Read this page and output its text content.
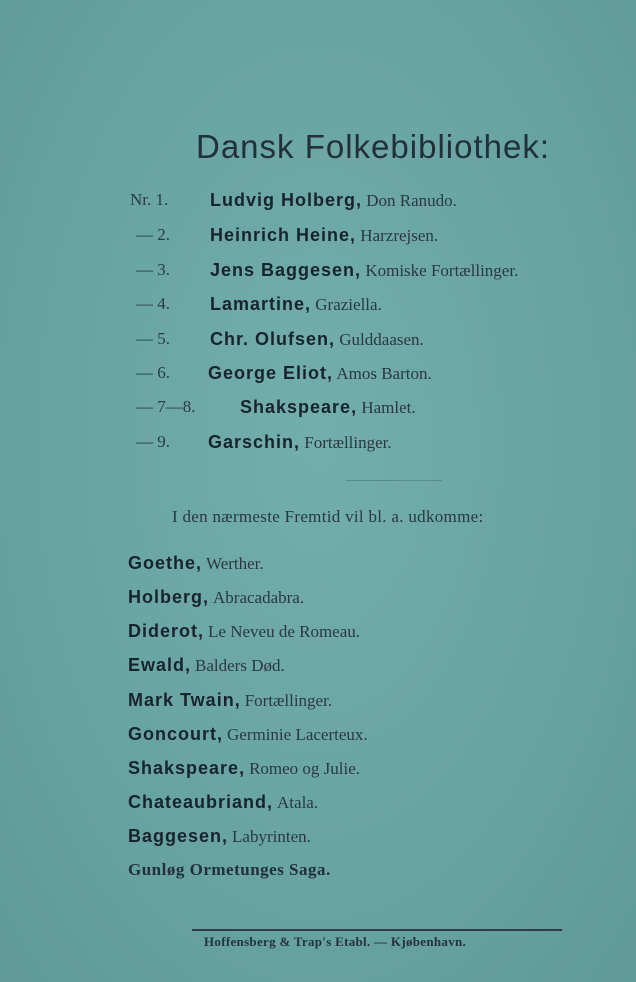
Dansk Folkebibliothek:
Nr. 1. Ludvig Holberg, Don Ranudo.
— 2. Heinrich Heine, Harzrejsen.
— 3. Jens Baggesen, Komiske Fortællinger.
— 4. Lamartine, Graziella.
— 5. Chr. Olufsen, Gulddaasen.
— 6. George Eliot, Amos Barton.
— 7—8. Shakspeare, Hamlet.
— 9. Garschin, Fortællinger.
I den nærmeste Fremtid vil bl. a. udkomme:
Goethe, Werther.
Holberg, Abracadabra.
Diderot, Le Neveu de Romeau.
Ewald, Balders Død.
Mark Twain, Fortællinger.
Goncourt, Germinie Lacerteux.
Shakspeare, Romeo og Julie.
Chateaubriand, Atala.
Baggesen, Labyrinten.
Gunløg Ormetunges Saga.
Hoffensberg & Trap's Etabl. — Kjøbenhavn.
